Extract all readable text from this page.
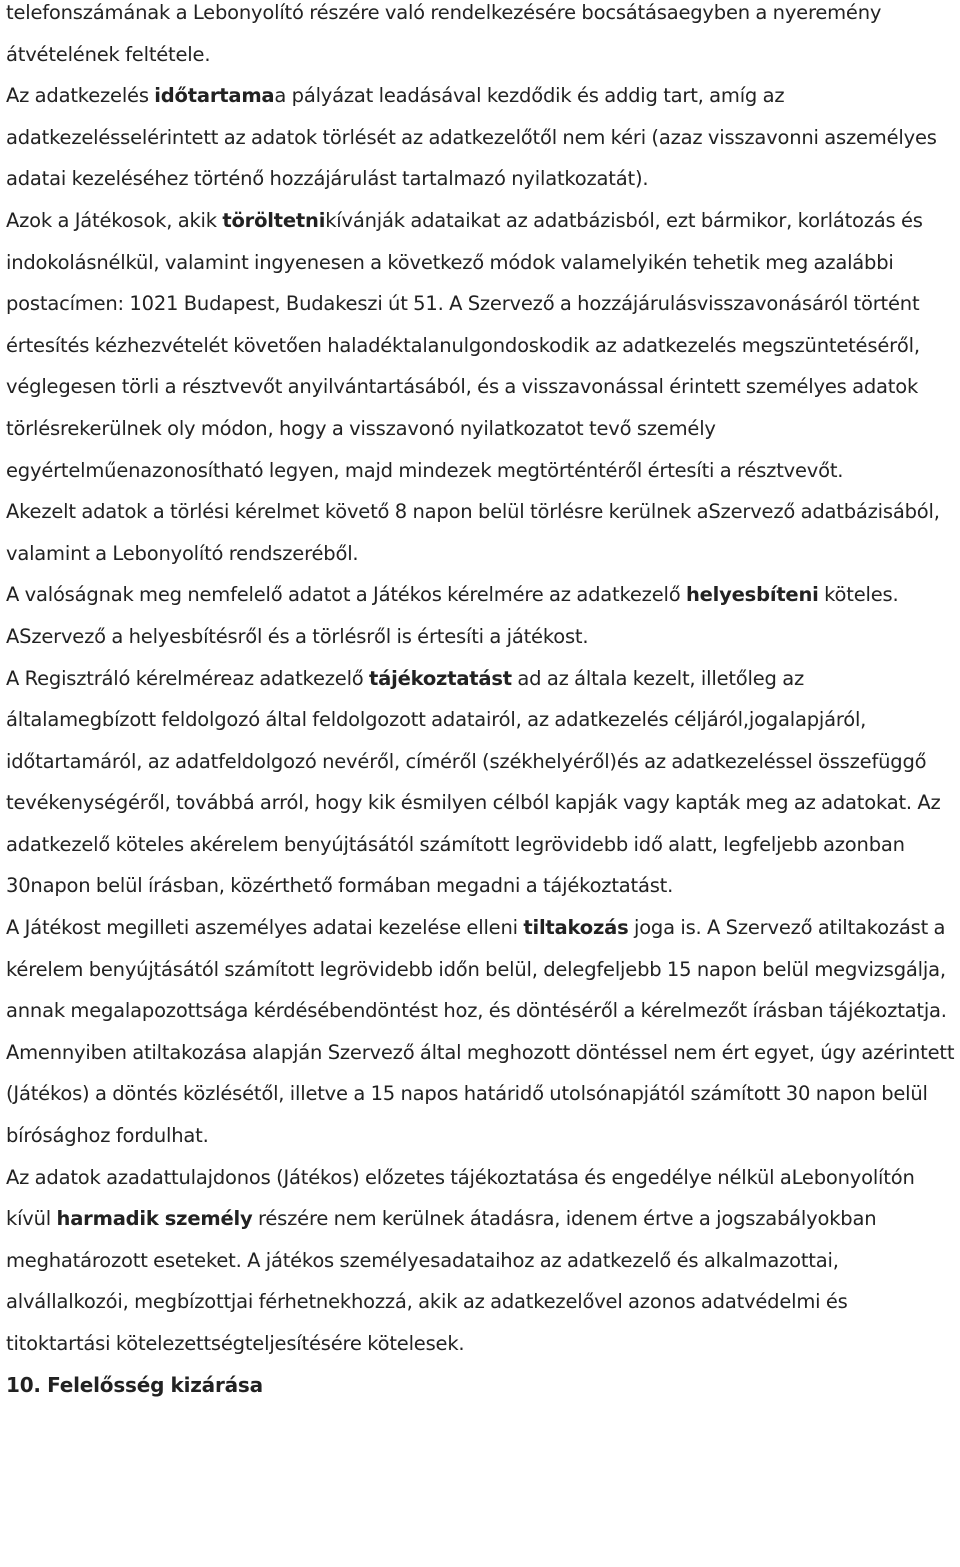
telefonszámának a Lebonyolító részére való rendelkezésére bocsátásaegyben a nyeremény átvételének feltétele.

Az adatkezelés időtartamaa pályázat leadásával kezdődik és addig tart, amíg az adatkezelésselérintett az adatok törlését az adatkezelőtől nem kéri (azaz visszavonni aszemélyes adatai kezeléséhez történő hozzájárulást tartalmazó nyilatkozatát).

Azok a Játékosok, akik töröltetnikívánják adataikat az adatbázisból, ezt bármikor, korlátozás és indokolásnélkül, valamint ingyenesen a következő módok valamelyikén tehetik meg azalábbi postacímen: 1021 Budapest, Budakeszi út 51. A Szervező a hozzájárulásvisszavonásáról történt értesítés kézhezvételét követően haladéktalanulgondoskodik az adatkezelés megszüntetéséről, véglegesen törli a résztvevőt anyilvántartásából, és a visszavonással érintett személyes adatok törlésrekerülnek oly módon, hogy a visszavonó nyilatkozatot tevő személy egyértelműenazonosítható legyen, majd mindezek megtörténtéről értesíti a résztvevőt.

Akezelt adatok a törlési kérelmet követő 8 napon belül törlésre kerülnek aSzervező adatbázisából, valamint a Lebonyolító rendszeréből.

A valóságnak meg nemfelelő adatot a Játékos kérelmére az adatkezelő helyesbíteni köteles. ASzervező a helyesbítésről és a törlésről is értesíti a játékost.

A Regisztráló kérelméreaz adatkezelő tájékoztatást ad az általa kezelt, illetőleg az általamegbízott feldolgozó által feldolgozott adatairól, az adatkezelés céljáról,jogalapjáról, időtartamáról, az adatfeldolgozó nevéről, címéről (székhelyéről)és az adatkezeléssel összefüggő tevékenységéről, továbbá arról, hogy kik ésmilyen célból kapják vagy kapták meg az adatokat. Az adatkezelő köteles akérelem benyújtásától számított legrövidebb idő alatt, legfeljebb azonban 30napon belül írásban, közérthető formában megadni a tájékoztatást.

A Játékost megilleti aszemélyes adatai kezelése elleni tiltakozás joga is. A Szervező atiltakozást a kérelem benyújtásától számított legrövidebb időn belül, delegfeljebb 15 napon belül megvizsgálja, annak megalapozottsága kérdésébendöntést hoz, és döntéséről a kérelmezőt írásban tájékoztatja. Amennyiben atiltakozása alapján Szervező által meghozott döntéssel nem ért egyet, úgy azérintett (Játékos) a döntés közlésétől, illetve a 15 napos határidő utolsónapjától számított 30 napon belül bírósághoz fordulhat.

Az adatok azadattulajdonos (Játékos) előzetes tájékoztatása és engedélye nélkül aLebonyolítón kívül harmadik személy részére nem kerülnek átadásra, idenem értve a jogszabályokban meghatározott eseteket. A játékos személyesadataihoz az adatkezelő és alkalmazottai, alvállalkozói, megbízottjai férhetnekhozzá, akik az adatkezelővel azonos adatvédelmi és titoktartási kötelezettségteljesítésére kötelesek.

10. Felelősség kizárása
